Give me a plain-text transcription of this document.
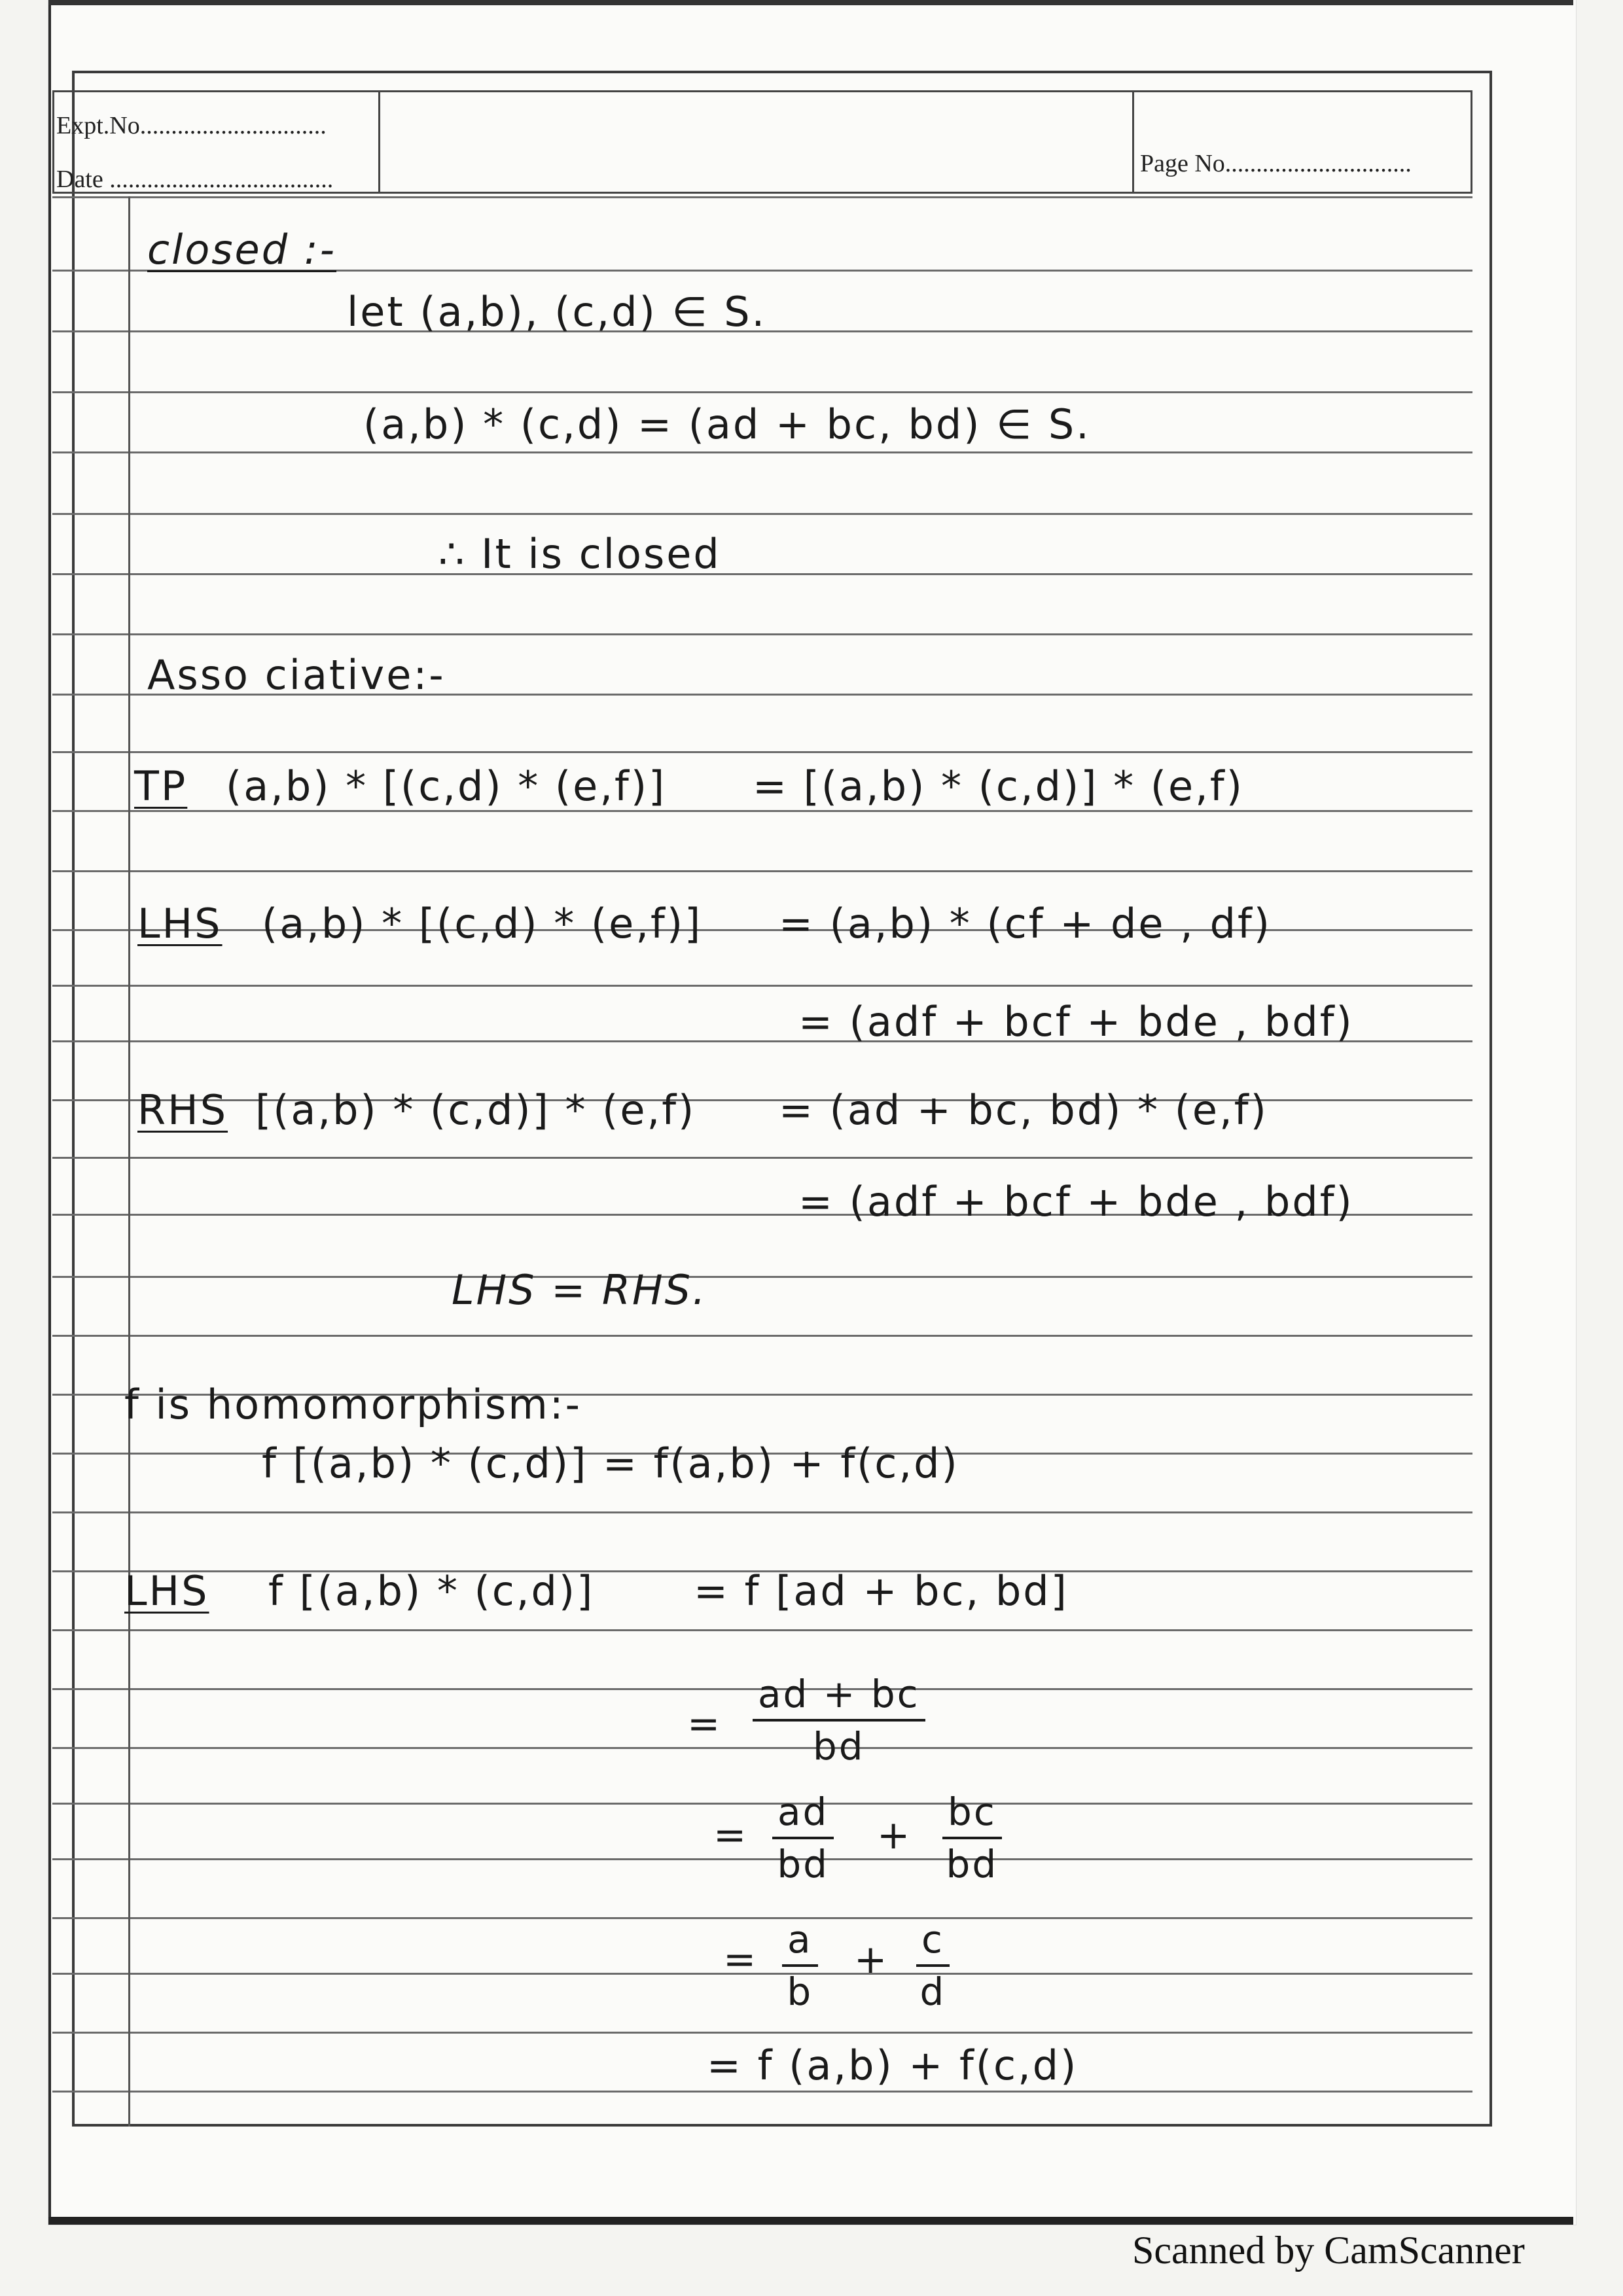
Expt.No..............................
Date ....................................
Page No..............................
closed :-
let (a,b), (c,d) ∈ S.
(a,b) * (c,d) = (ad + bc, bd) ∈ S.
∴ It is closed
Asso ciative:-
TP (a,b) * [(c,d) * (e,f)] = [(a,b) * (c,d)] * (e,f)
LHS (a,b) * [(c,d) * (e,f)] = (a,b) * (cf + de , df)
= (adf + bcf + bde , bdf)
RHS [(a,b) * (c,d)] * (e,f) = (ad + bc, bd) * (e,f)
= (adf + bcf + bde , bdf)
LHS = RHS.
f is homomorphism:-
f [(a,b) * (c,d)] = f(a,b) + f(c,d)
LHS f [(a,b) * (c,d)] = f [ad + bc, bd]
= $\frac{ad + bc}{bd}$
= $\frac{ad}{bd} + \frac{bc}{bd}$
= $\frac{a}{b} + \frac{c}{d}$
= f (a,b) + f(c,d)
Scanned by CamScanner
